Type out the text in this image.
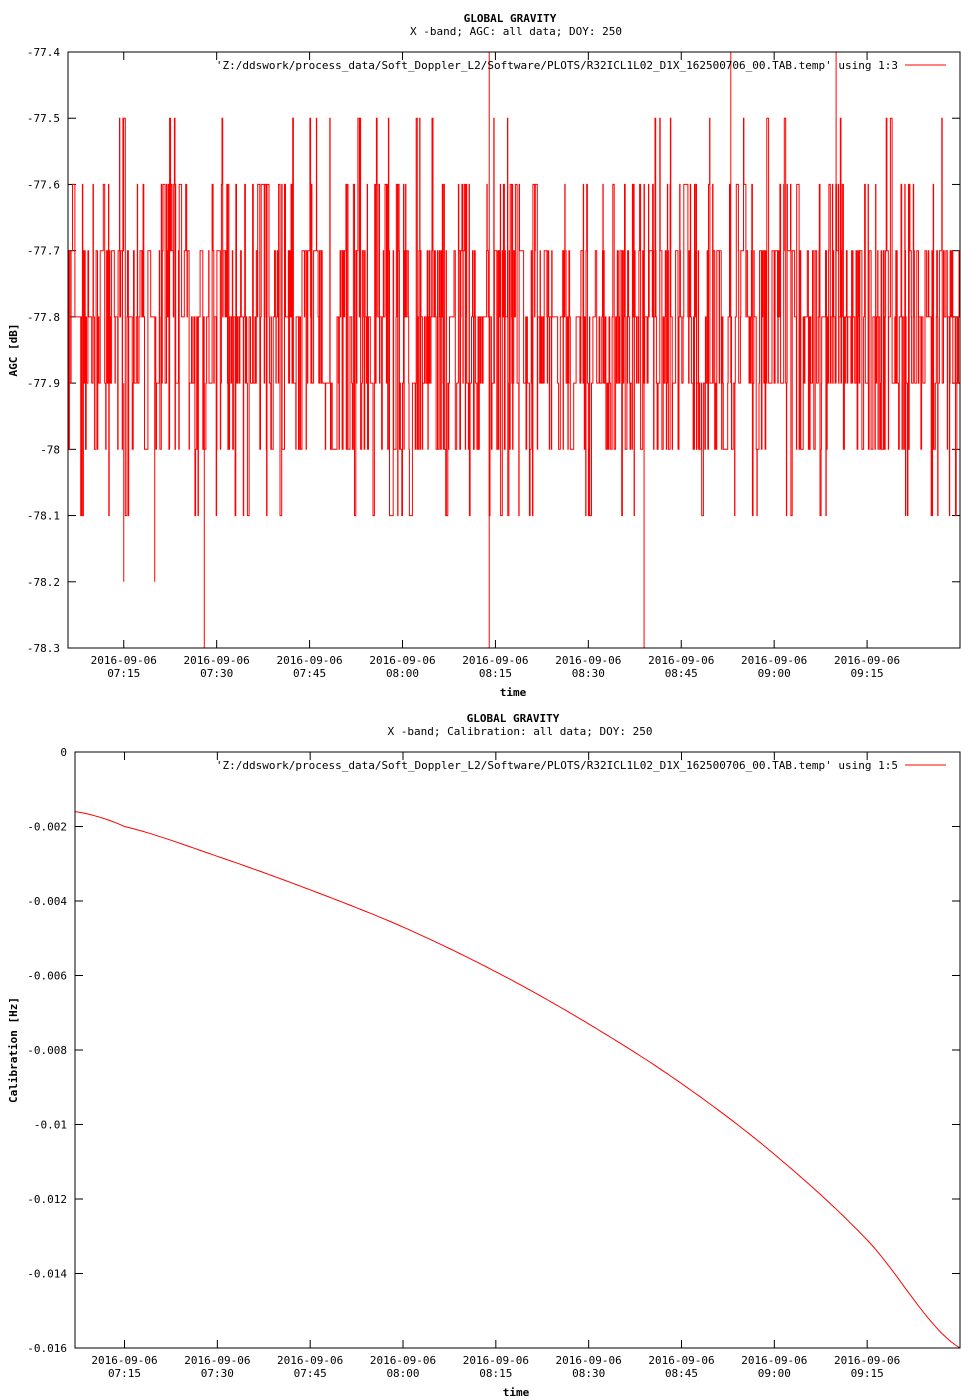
GLOBAL GRAVITY
X -band; AGC: all data; DOY: 250
AGC [dB]
time
-77.4
-77.5
-77.6
-77.7
-77.8
-77.9
-78
-78.1
-78.2
-78.3
2016-09-06
07:15
2016-09-06
07:30
2016-09-06
07:45
2016-09-06
08:00
2016-09-06
08:15
2016-09-06
08:30
2016-09-06
08:45
2016-09-06
09:00
2016-09-06
09:15
'Z:/ddswork/process_data/Soft_Doppler_L2/Software/PLOTS/R32ICL1L02_D1X_162500706_00.TAB.temp' using 1:3
GLOBAL GRAVITY
X -band; Calibration: all data; DOY: 250
Calibration [Hz]
time
0
-0.002
-0.004
-0.006
-0.008
-0.01
-0.012
-0.014
-0.016
2016-09-06
07:15
2016-09-06
07:30
2016-09-06
07:45
2016-09-06
08:00
2016-09-06
08:15
2016-09-06
08:30
2016-09-06
08:45
2016-09-06
09:00
2016-09-06
09:15
'Z:/ddswork/process_data/Soft_Doppler_L2/Software/PLOTS/R32ICL1L02_D1X_162500706_00.TAB.temp' using 1:5
